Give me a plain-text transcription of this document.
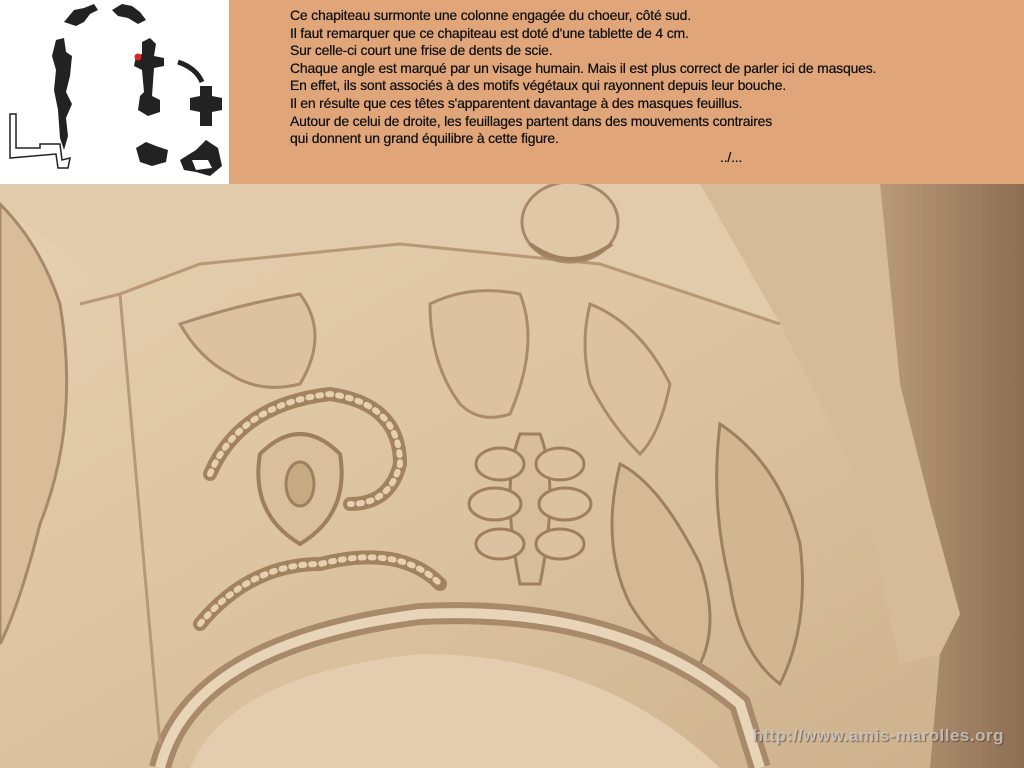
Ce chapiteau surmonte une colonne engagée du choeur, côté sud.
Il faut remarquer que ce chapiteau est doté d'une tablette de 4 cm.
Sur celle-ci court une frise de dents de scie.
Chaque angle est marqué par un visage humain. Mais il est plus correct de parler ici de masques.
En effet, ils sont associés à des motifs végétaux qui rayonnent depuis leur bouche.
Il en résulte que ces têtes s'apparentent davantage à des masques feuillus.
Autour de celui de droite, les feuillages partent dans des mouvements contraires
qui donnent un grand équilibre à cette figure.
../...
http://www.amis-marolles.org
